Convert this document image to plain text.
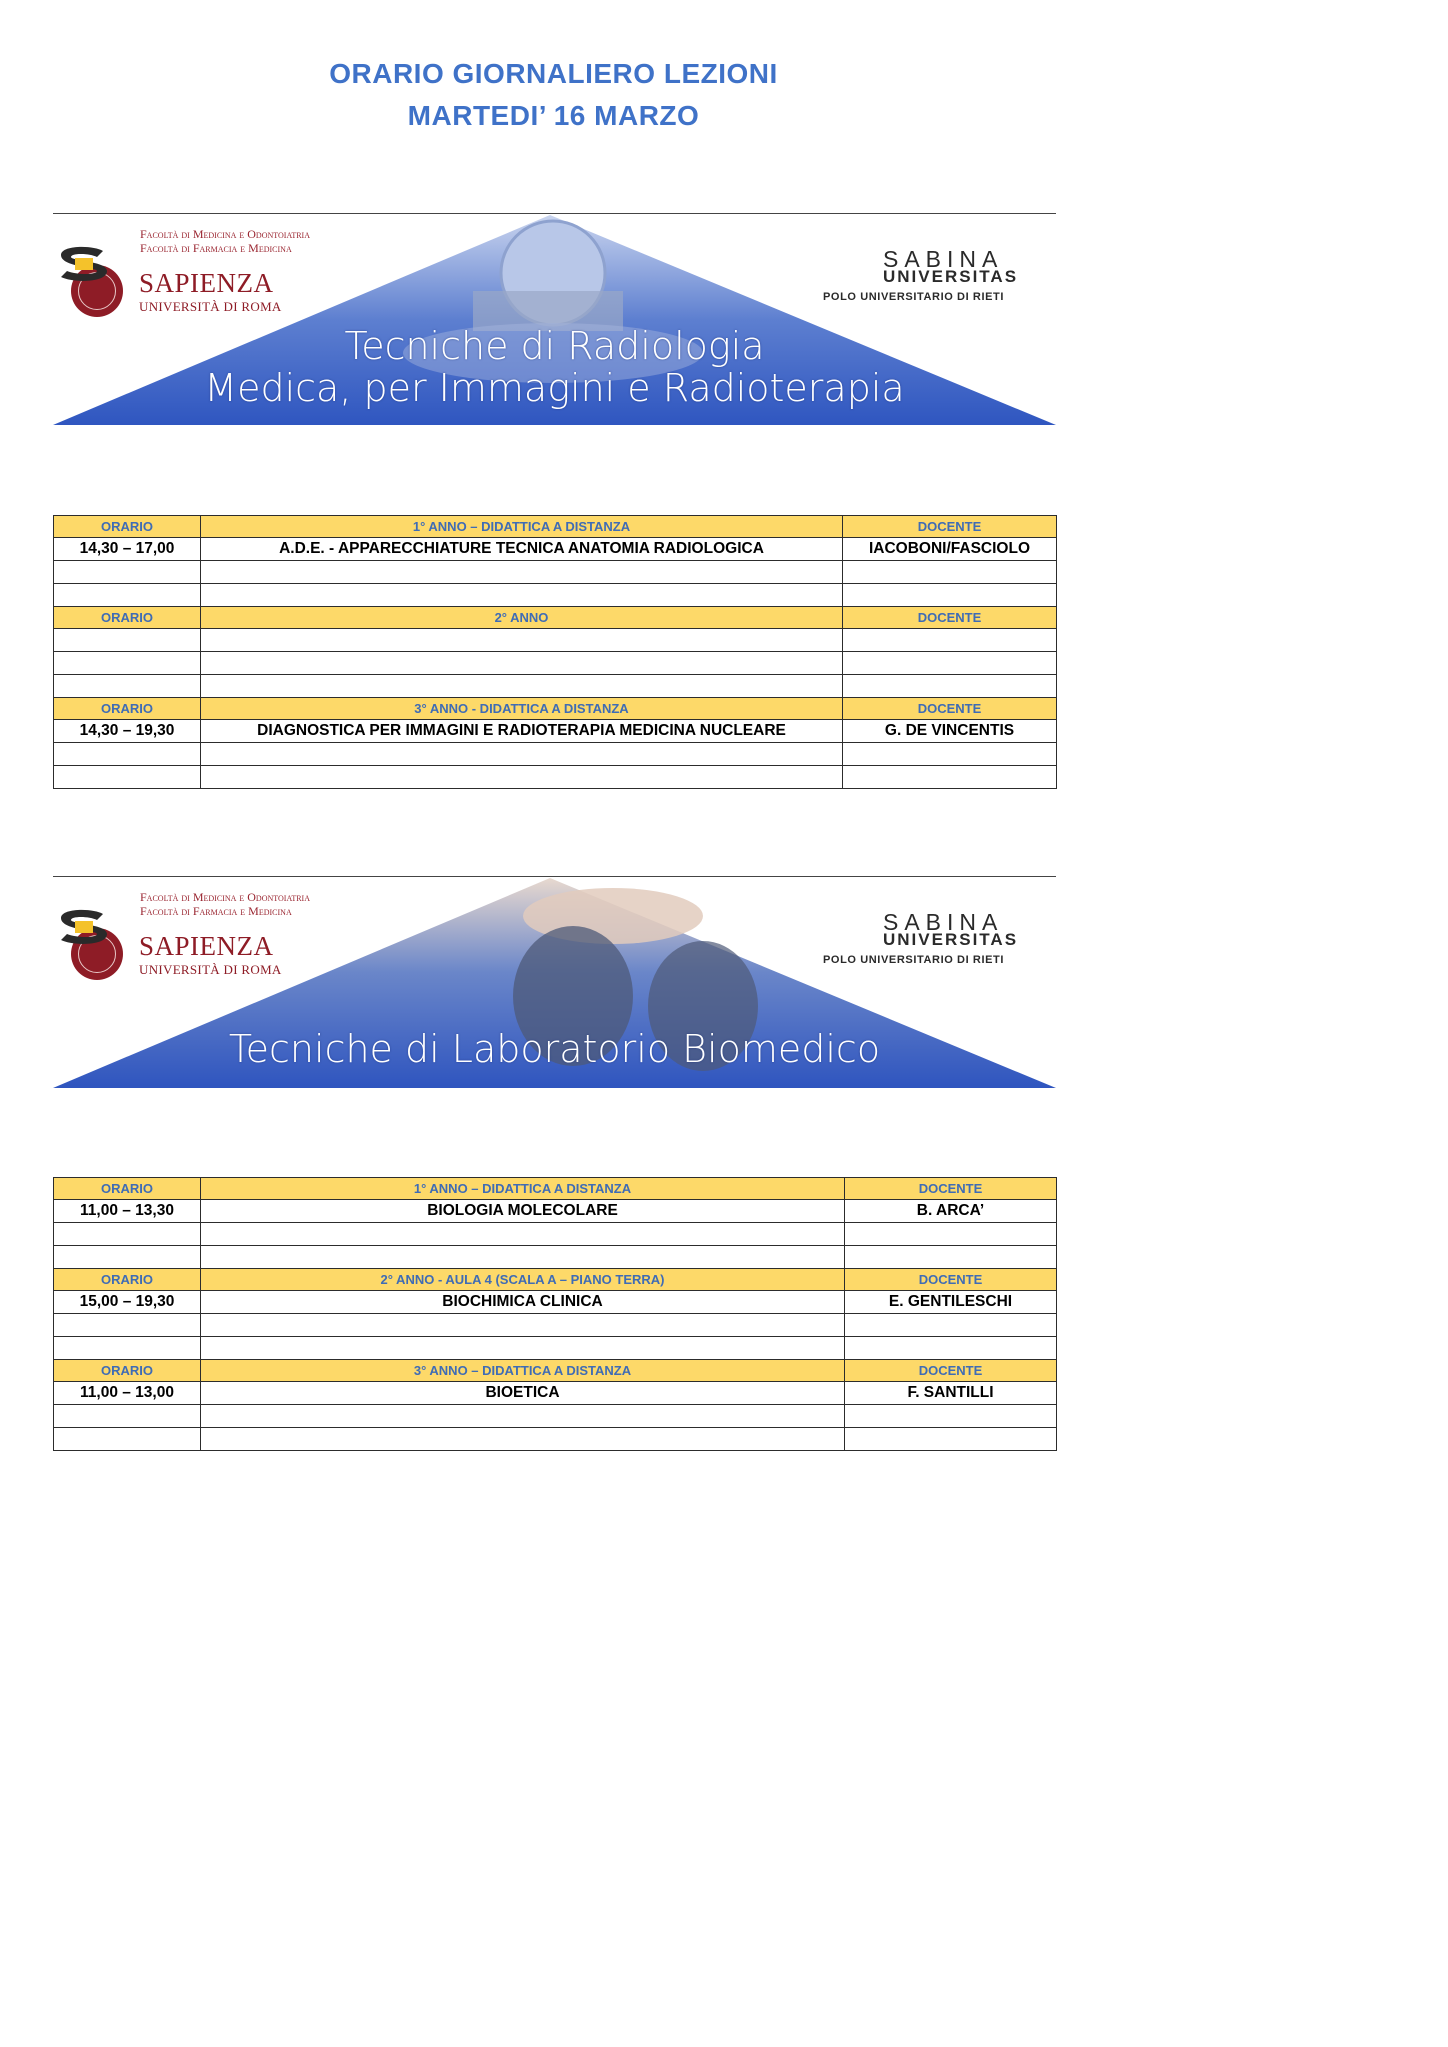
ORARIO GIORNALIERO LEZIONI
MARTEDI’ 16 MARZO
Facoltà di Medicina e Odontoiatria
Facoltà di Farmacia e Medicina
SAPIENZA
UNIVERSITÀ DI ROMA
SABINA
UNIVERSITAS
POLO UNIVERSITARIO DI RIETI
Tecniche di Radiologia
Medica, per Immagini e Radioterapia
ORARIO	1° ANNO – DIDATTICA A DISTANZA	DOCENTE
14,30 – 17,00	A.D.E. - APPARECCHIATURE TECNICA ANATOMIA RADIOLOGICA	IACOBONI/FASCIOLO

ORARIO	2° ANNO	DOCENTE

ORARIO	3° ANNO - DIDATTICA A DISTANZA	DOCENTE
14,30 – 19,30	DIAGNOSTICA PER IMMAGINI E RADIOTERAPIA MEDICINA NUCLEARE	G. DE VINCENTIS

Facoltà di Medicina e Odontoiatria
Facoltà di Farmacia e Medicina
SAPIENZA
UNIVERSITÀ DI ROMA
SABINA
UNIVERSITAS
POLO UNIVERSITARIO DI RIETI
Tecniche di Laboratorio Biomedico
ORARIO	1° ANNO – DIDATTICA A DISTANZA	DOCENTE
11,00 – 13,30	BIOLOGIA MOLECOLARE	B. ARCA’

ORARIO	2° ANNO - AULA 4 (SCALA A – PIANO TERRA)	DOCENTE
15,00 – 19,30	BIOCHIMICA CLINICA	E. GENTILESCHI

ORARIO	3° ANNO – DIDATTICA A DISTANZA	DOCENTE
11,00 – 13,00	BIOETICA	F. SANTILLI
